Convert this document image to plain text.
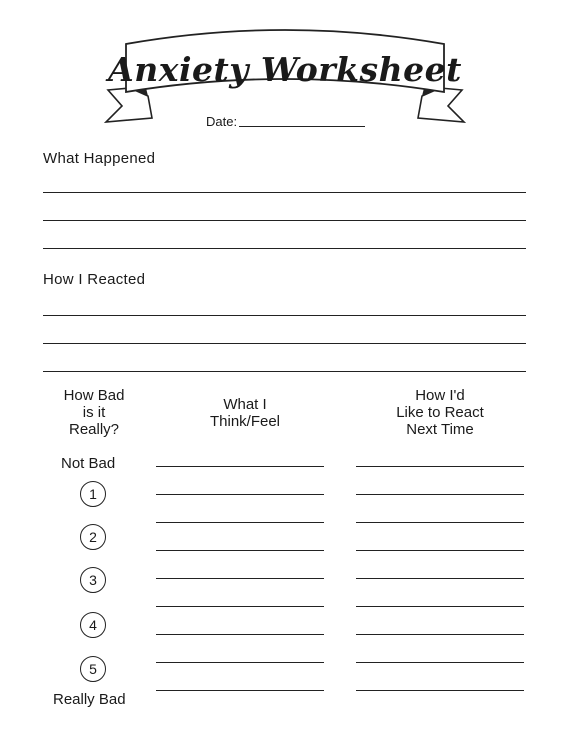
Anxiety Worksheet
Date:
What Happened
How I Reacted
How Bad
is it
Really?
What I
Think/Feel
How I'd
Like to React
Next Time
Not Bad
1
2
3
4
5
Really Bad
